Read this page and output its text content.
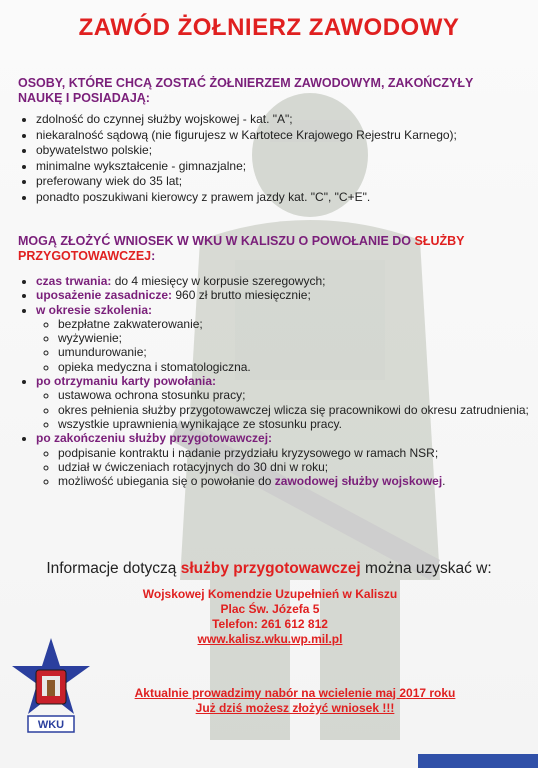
ZAWÓD ŻOŁNIERZ ZAWODOWY
OSOBY, KTÓRE CHCĄ ZOSTAĆ ŻOŁNIERZEM ZAWODOWYM, ZAKOŃCZYŁY NAUKĘ I POSIADAJĄ:
• zdolność do czynnej służby wojskowej - kat. "A";
• niekaralność sądową (nie figurujesz w Kartotece Krajowego Rejestru Karnego);
• obywatelstwo polskie;
• minimalne wykształcenie - gimnazjalne;
• preferowany wiek do 35 lat;
• ponadto poszukiwani kierowcy z prawem jazdy kat. "C", "C+E".
MOGĄ ZŁOŻYĆ WNIOSEK W WKU W KALISZU O POWOŁANIE DO SŁUŻBY PRZYGOTOWAWCZEJ:
• czas trwania: do 4 miesięcy w korpusie szeregowych;
• uposażenie zasadnicze: 960 zł brutto miesięcznie;
• w okresie szkolenia:
◦ bezpłatne zakwaterowanie;
◦ wyżywienie;
◦ umundurowanie;
◦ opieka medyczna i stomatologiczna.
• po otrzymaniu karty powołania:
◦ ustawowa ochrona stosunku pracy;
◦ okres pełnienia służby przygotowawczej wlicza się pracownikowi do okresu zatrudnienia;
◦ wszystkie uprawnienia wynikające ze stosunku pracy.
• po zakończeniu służby przygotowawczej:
◦ podpisanie kontraktu i nadanie przydziału kryzysowego w ramach NSR;
◦ udział w ćwiczeniach rotacyjnych do 30 dni w roku;
◦ możliwość ubiegania się o powołanie do zawodowej służby wojskowej.
Informacje dotyczą służby przygotowawczej można uzyskać w:
Wojskowej Komendzie Uzupełnień w Kaliszu
Plac Św. Józefa 5
Telefon: 261 612 812
www.kalisz.wku.wp.mil.pl
WKU
Aktualnie prowadzimy nabór na wcielenie maj 2017 roku
Już dziś możesz złożyć wniosek !!!
